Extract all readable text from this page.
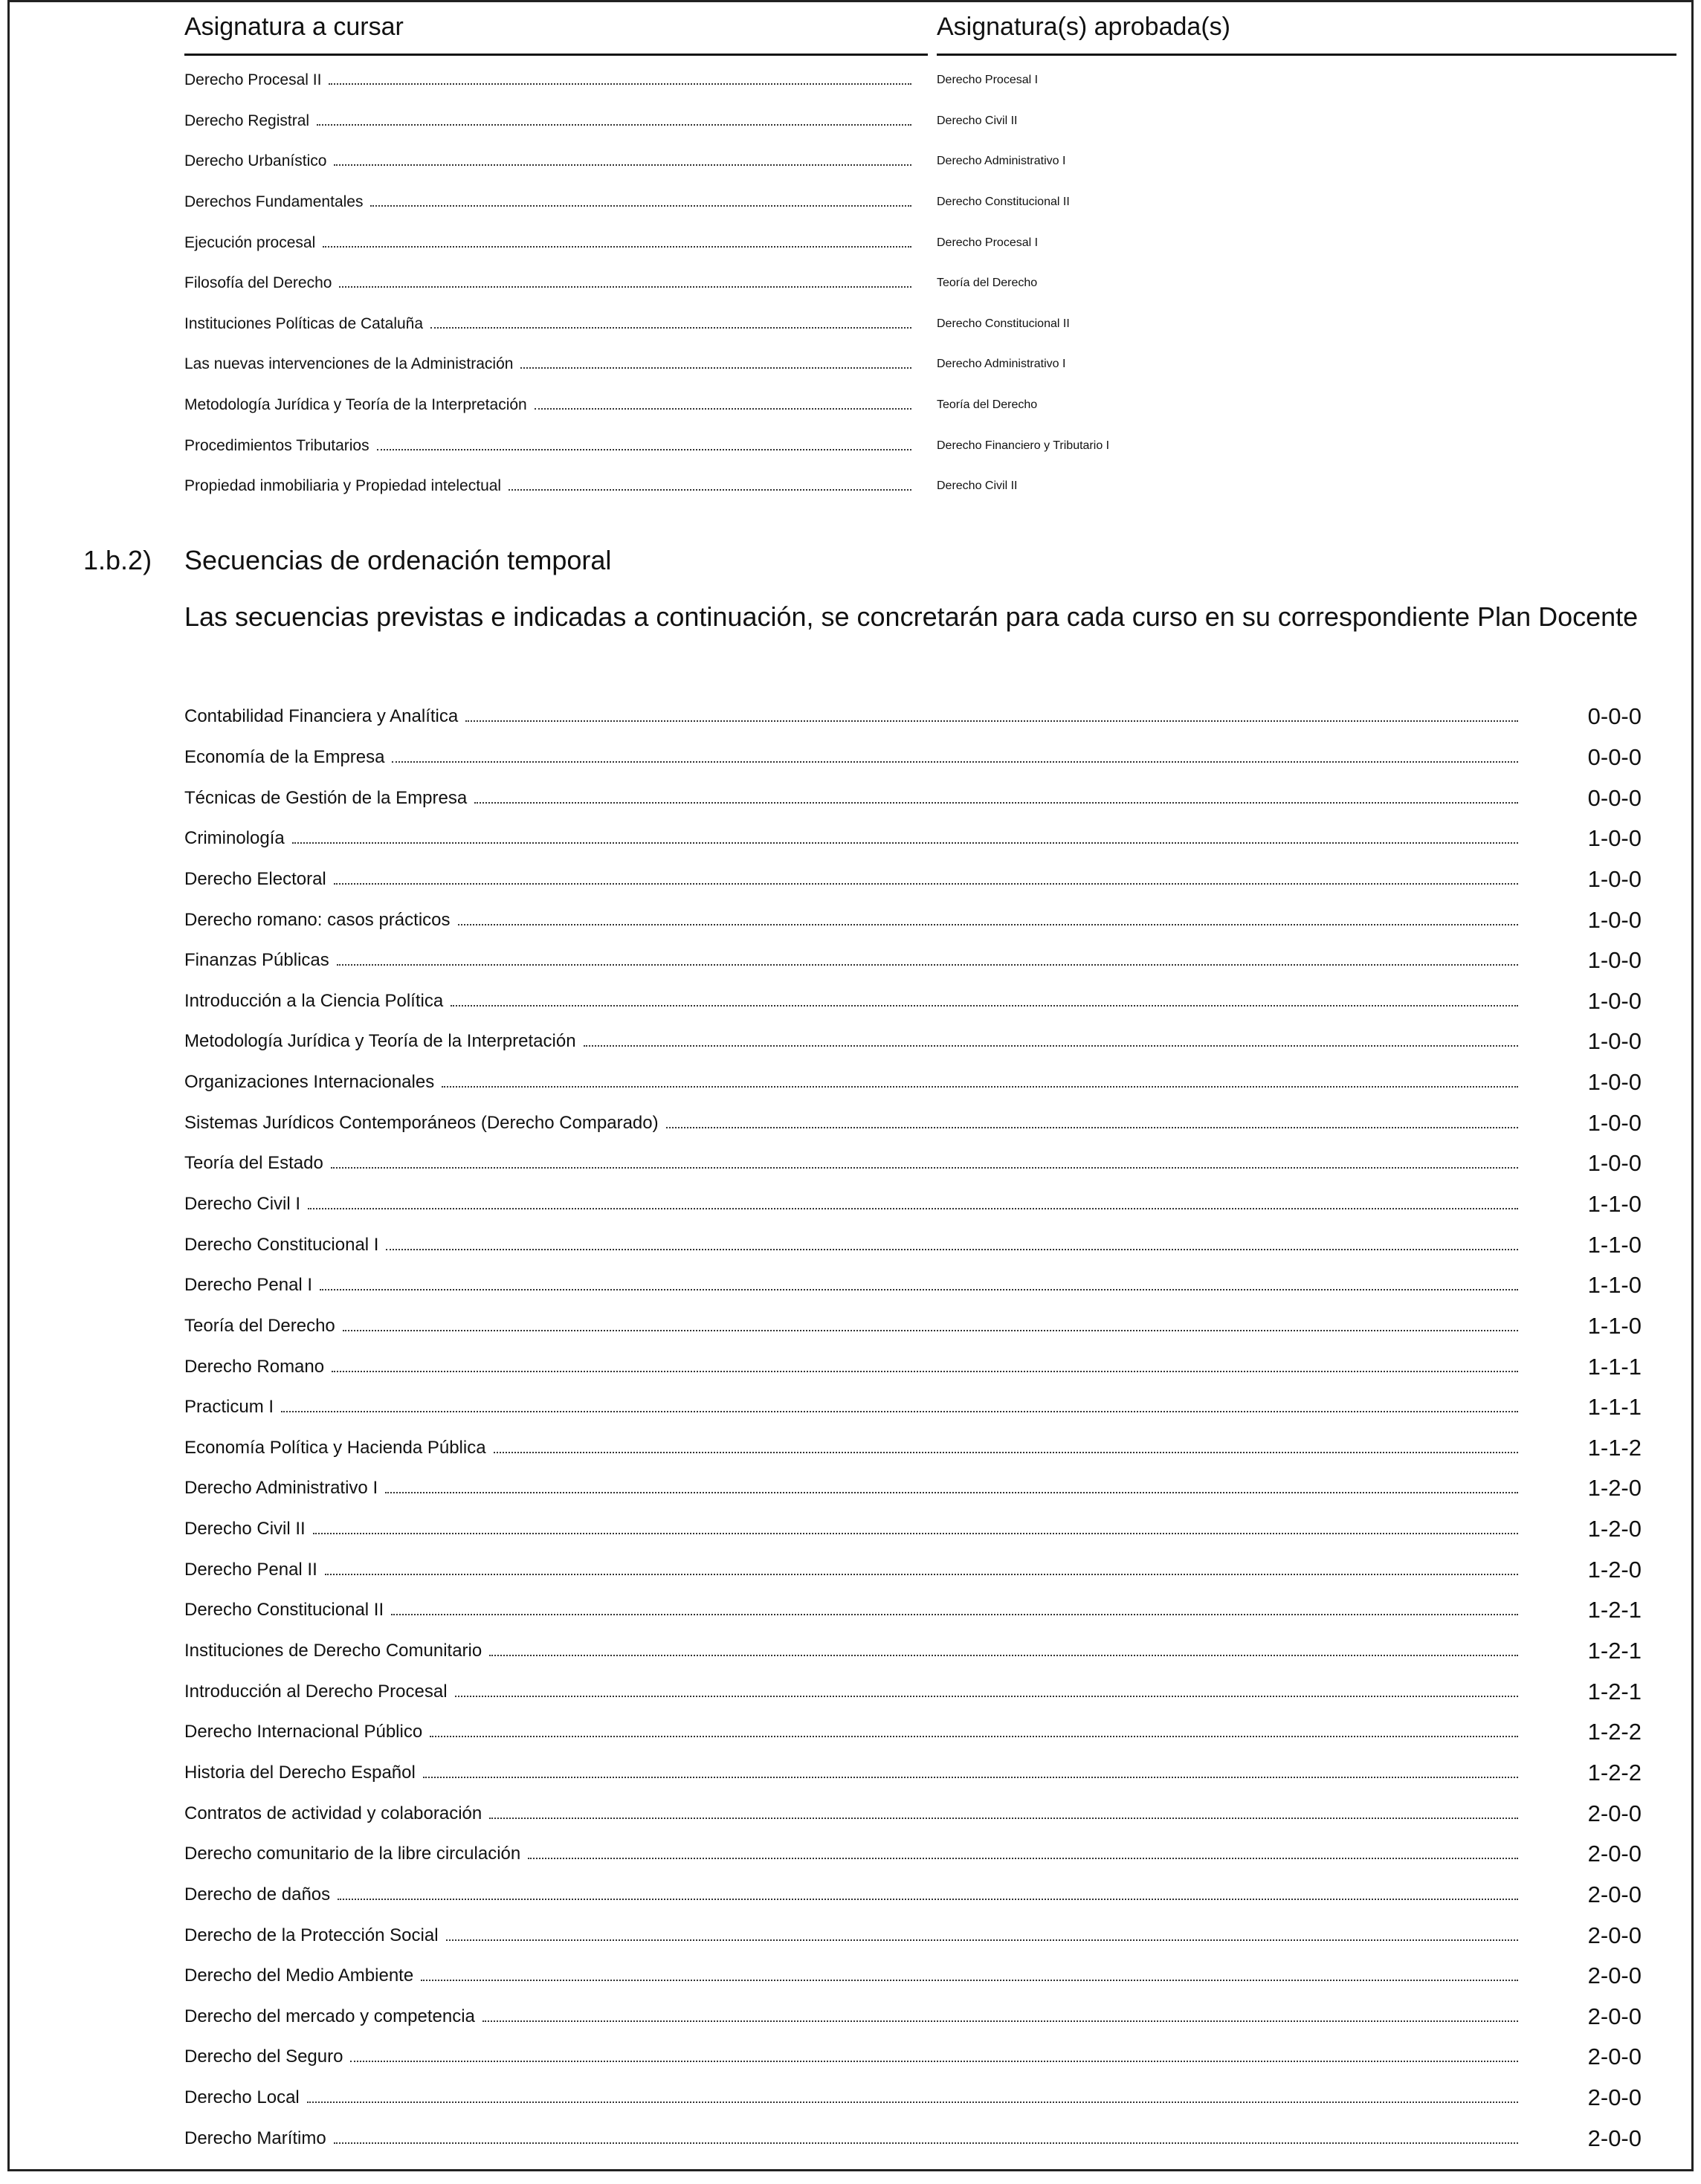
Asignatura a cursar	Asignatura(s) aprobada(s)
Derecho Procesal II	Derecho Procesal I
Derecho Registral	Derecho Civil II
Derecho Urbanístico	Derecho Administrativo I
Derechos Fundamentales	Derecho Constitucional II
Ejecución procesal	Derecho Procesal I
Filosofía del Derecho	Teoría del Derecho
Instituciones Políticas de Cataluña	Derecho Constitucional II
Las nuevas intervenciones de la Administración	Derecho Administrativo I
Metodología Jurídica y Teoría de la Interpretación	Teoría del Derecho
Procedimientos Tributarios	Derecho Financiero y Tributario I
Propiedad inmobiliaria y Propiedad intelectual	Derecho Civil II
1.b.2) Secuencias de ordenación temporal
Las secuencias previstas e indicadas a continuación, se concretarán para cada curso en su correspondiente Plan Docente
Contabilidad Financiera y Analítica	0-0-0
Economía de la Empresa	0-0-0
Técnicas de Gestión de la Empresa	0-0-0
Criminología	1-0-0
Derecho Electoral	1-0-0
Derecho romano: casos prácticos	1-0-0
Finanzas Públicas	1-0-0
Introducción a la Ciencia Política	1-0-0
Metodología Jurídica y Teoría de la Interpretación	1-0-0
Organizaciones Internacionales	1-0-0
Sistemas Jurídicos Contemporáneos (Derecho Comparado)	1-0-0
Teoría del Estado	1-0-0
Derecho Civil I	1-1-0
Derecho Constitucional I	1-1-0
Derecho Penal I	1-1-0
Teoría del Derecho	1-1-0
Derecho Romano	1-1-1
Practicum I	1-1-1
Economía Política y Hacienda Pública	1-1-2
Derecho Administrativo I	1-2-0
Derecho Civil II	1-2-0
Derecho Penal II	1-2-0
Derecho Constitucional II	1-2-1
Instituciones de Derecho Comunitario	1-2-1
Introducción al Derecho Procesal	1-2-1
Derecho Internacional Público	1-2-2
Historia del Derecho Español	1-2-2
Contratos de actividad y colaboración	2-0-0
Derecho comunitario de la libre circulación	2-0-0
Derecho de daños	2-0-0
Derecho de la Protección Social	2-0-0
Derecho del Medio Ambiente	2-0-0
Derecho del mercado y competencia	2-0-0
Derecho del Seguro	2-0-0
Derecho Local	2-0-0
Derecho Marítimo	2-0-0
